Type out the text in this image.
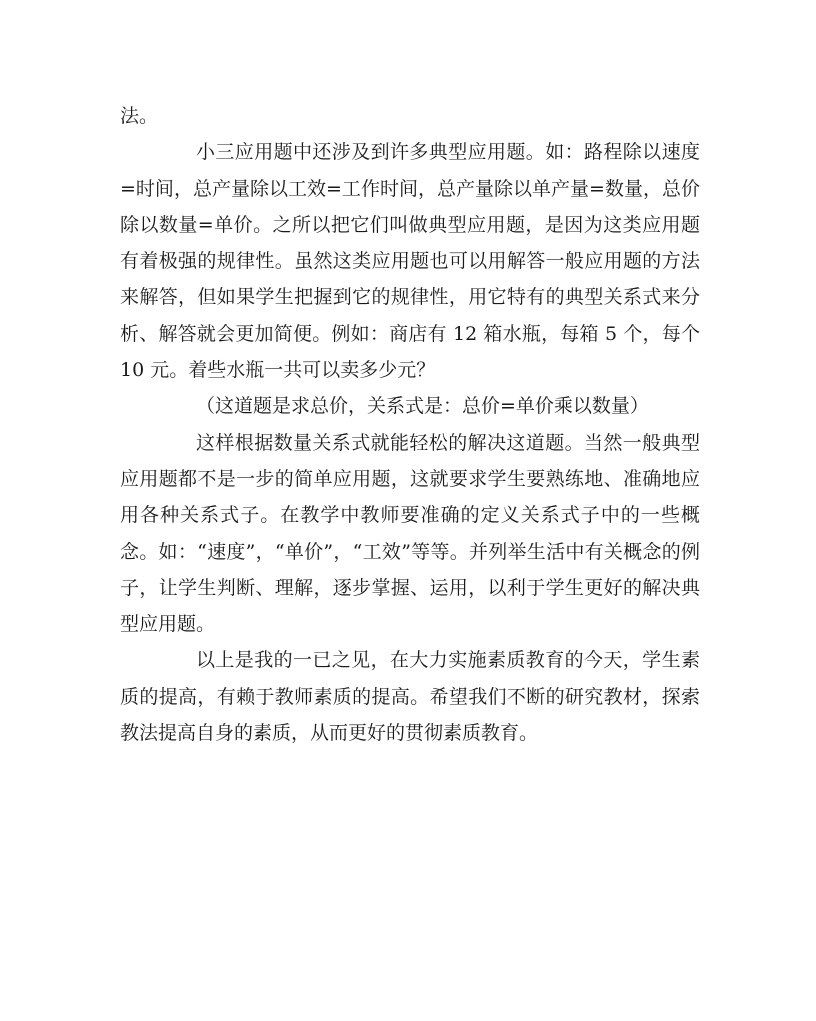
法。

小三应用题中还涉及到许多典型应用题。如：路程除以速度=时间，总产量除以工效=工作时间，总产量除以单产量=数量，总价除以数量=单价。之所以把它们叫做典型应用题，是因为这类应用题有着极强的规律性。虽然这类应用题也可以用解答一般应用题的方法来解答，但如果学生把握到它的规律性，用它特有的典型关系式来分析、解答就会更加简便。例如：商店有 12 箱水瓶，每箱 5 个，每个 10 元。着些水瓶一共可以卖多少元？

（这道题是求总价，关系式是：总价=单价乘以数量）

这样根据数量关系式就能轻松的解决这道题。当然一般典型应用题都不是一步的简单应用题，这就要求学生要熟练地、准确地应用各种关系式子。在教学中教师要准确的定义关系式子中的一些概念。如：“速度”，“单价”，“工效”等等。并列举生活中有关概念的例子，让学生判断、理解，逐步掌握、运用，以利于学生更好的解决典型应用题。

以上是我的一已之见，在大力实施素质教育的今天，学生素质的提高，有赖于教师素质的提高。希望我们不断的研究教材，探索教法提高自身的素质，从而更好的贯彻素质教育。
